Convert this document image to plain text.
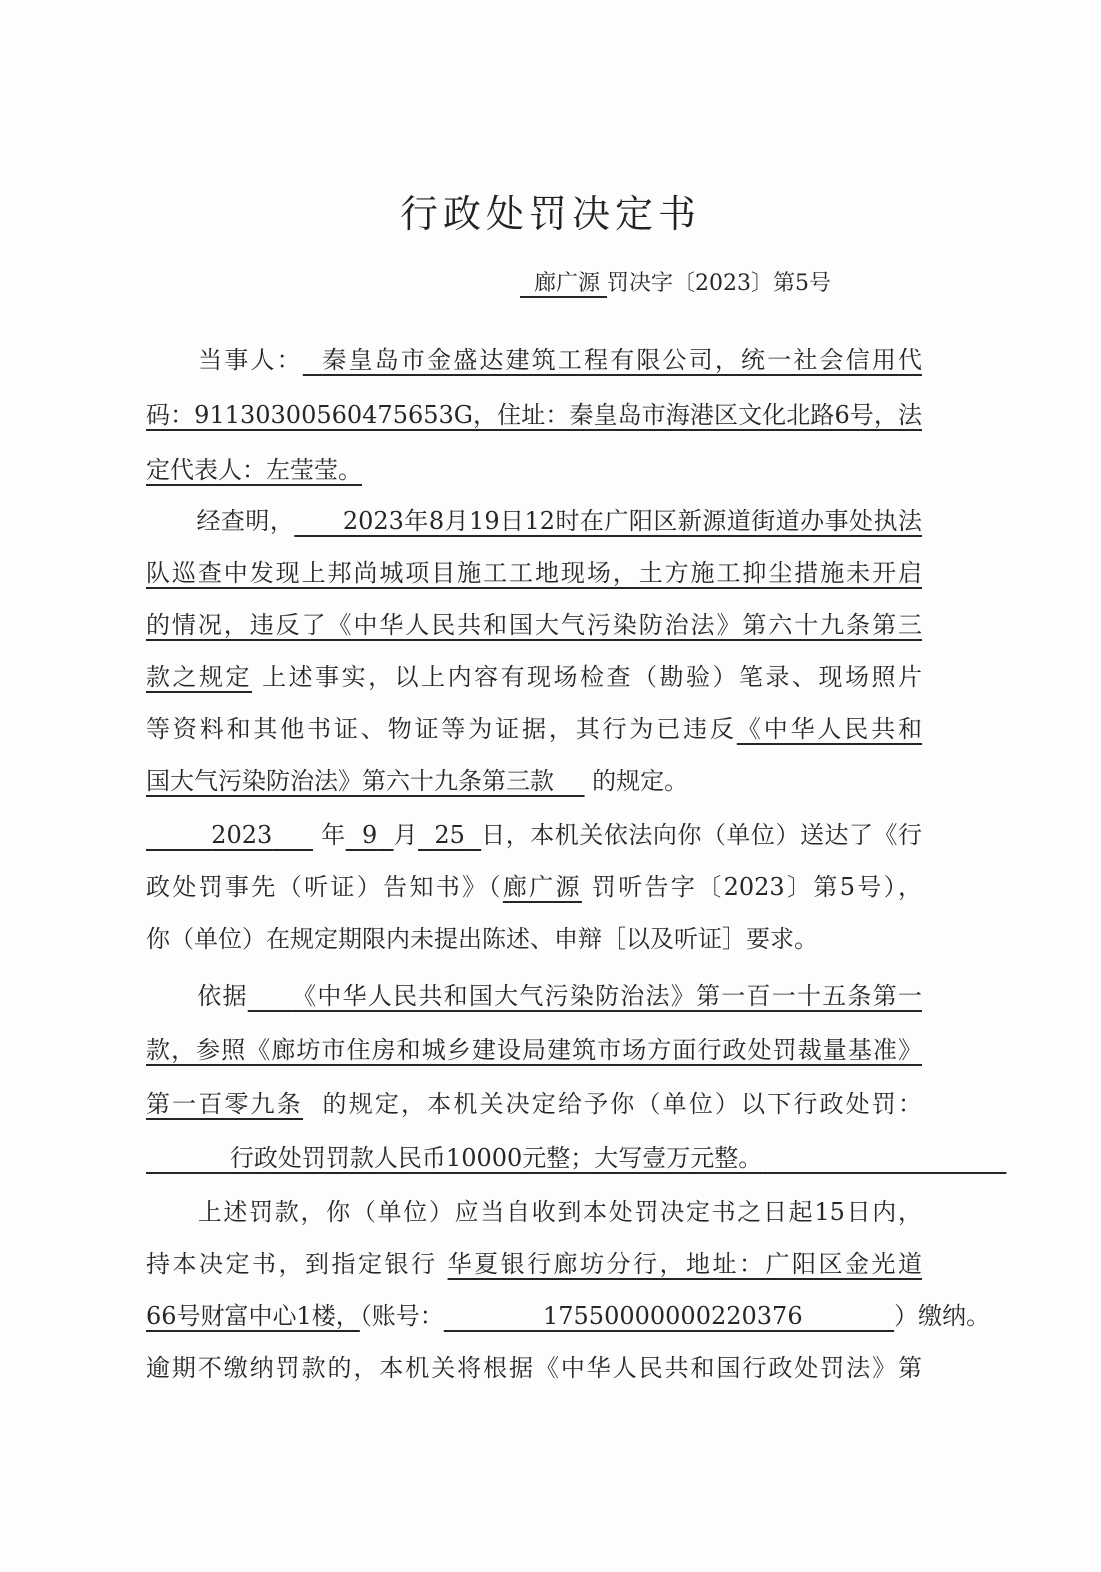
行政处罚决定书
廊广源 罚决字〔2023〕第5号
当事人： 秦皇岛市金盛达建筑工程有限公司，统一社会信用代
码：91130300560475653G，住址：秦皇岛市海港区文化北路6号，法
定代表人：左莹莹。
经查明， 2023年8月19日12时在广阳区新源道街道办事处执法
队巡查中发现上邦尚城项目施工工地现场，土方施工抑尘措施未开启
的情况，违反了《中华人民共和国大气污染防治法》第六十九条第三
款之规定 上述事实，以上内容有现场检查（勘验）笔录、现场照片
等资料和其他书证、物证等为证据，其行为已违反《中华人民共和
国大气污染防治法》第六十九条第三款 的规定。
2023 年 9 月 25 日，本机关依法向你（单位）送达了《行
政处罚事先（听证）告知书》（廊广源 罚听告字〔2023〕第5号），
你（单位）在规定期限内未提出陈述、申辩［以及听证］要求。
依据 《中华人民共和国大气污染防治法》第一百一十五条第一
款，参照《廊坊市住房和城乡建设局建筑市场方面行政处罚裁量基准》
第一百零九条 的规定，本机关决定给予你（单位）以下行政处罚：
行政处罚罚款人民币10000元整；大写壹万元整。
上述罚款，你（单位）应当自收到本处罚决定书之日起15日内，
持本决定书，到指定银行 华夏银行廊坊分行，地址：广阳区金光道
66号财富中心1楼，（账号：	17550000000220376	）缴纳。
逾期不缴纳罚款的，本机关将根据《中华人民共和国行政处罚法》第
